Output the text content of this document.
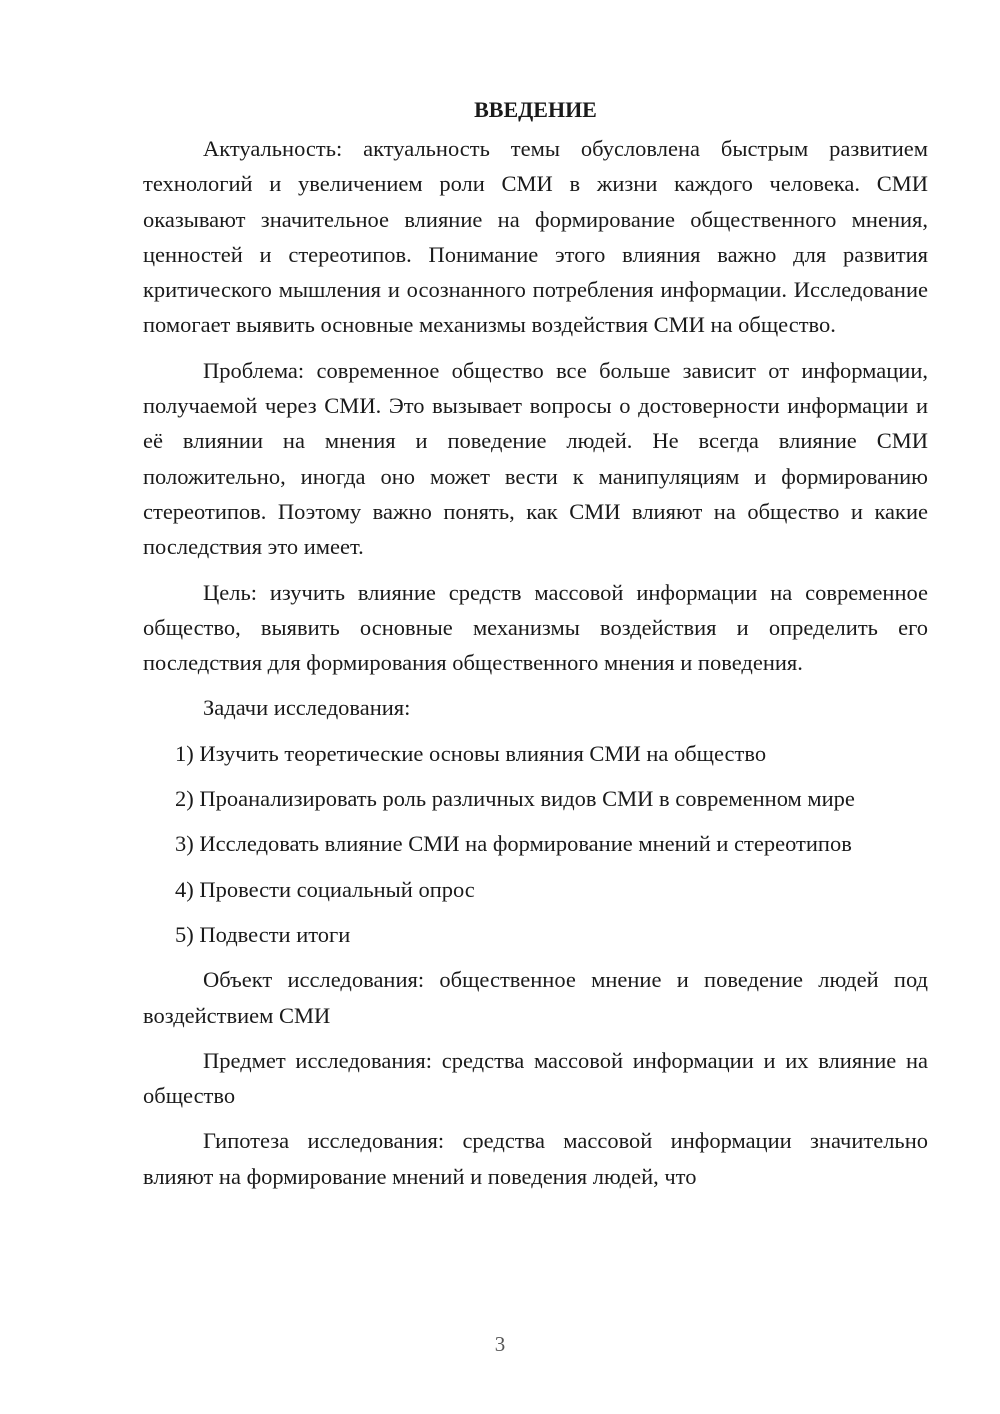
ВВЕДЕНИЕ

Актуальность: актуальность темы обусловлена быстрым развитием технологий и увеличением роли СМИ в жизни каждого человека. СМИ оказывают значительное влияние на формирование общественного мнения, ценностей и стереотипов. Понимание этого влияния важно для развития критического мышления и осознанного потребления информации. Исследование помогает выявить основные механизмы воздействия СМИ на общество.

Проблема: современное общество все больше зависит от информации, получаемой через СМИ. Это вызывает вопросы о достоверности информации и её влиянии на мнения и поведение людей. Не всегда влияние СМИ положительно, иногда оно может вести к манипуляциям и формированию стереотипов. Поэтому важно понять, как СМИ влияют на общество и какие последствия это имеет.

Цель: изучить влияние средств массовой информации на современное общество, выявить основные механизмы воздействия и определить его последствия для формирования общественного мнения и поведения.

Задачи исследования:

1) Изучить теоретические основы влияния СМИ на общество

2) Проанализировать роль различных видов СМИ в современном мире

3) Исследовать влияние СМИ на формирование мнений и стереотипов

4) Провести социальный опрос

5) Подвести итоги

Объект исследования: общественное мнение и поведение людей под воздействием СМИ

Предмет исследования: средства массовой информации и их влияние на общество

Гипотеза исследования: средства массовой информации значительно влияют на формирование мнений и поведения людей, что

3
